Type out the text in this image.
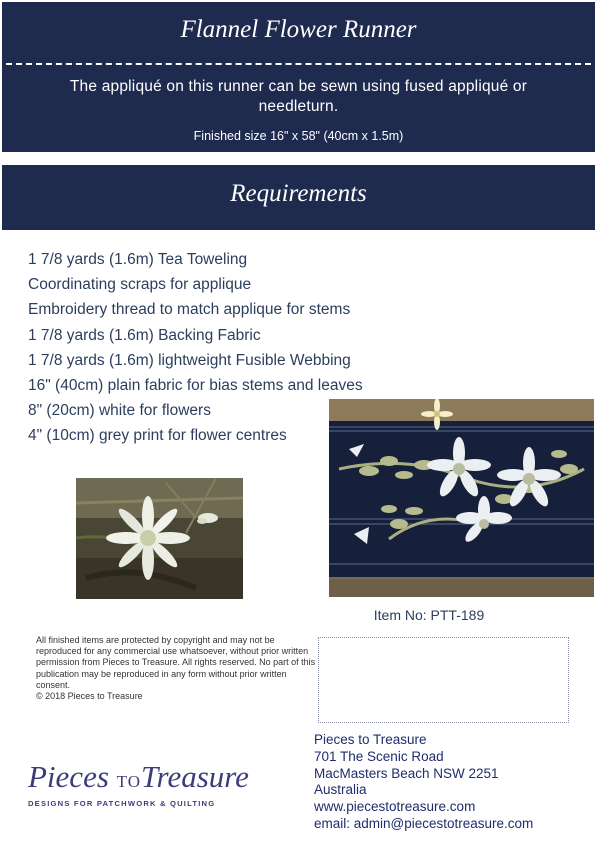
Flannel Flower Runner
The appliqué on this runner can be sewn using fused appliqué or needleturn.
Finished size 16" x 58" (40cm x 1.5m)
Requirements
1 7/8 yards (1.6m) Tea Toweling
Coordinating scraps for applique
Embroidery thread to match applique for stems
1 7/8 yards (1.6m) Backing Fabric
1 7/8 yards (1.6m) lightweight Fusible Webbing
16" (40cm) plain fabric for bias stems and leaves
8" (20cm) white for flowers
4" (10cm) grey print for flower centres
Item No: PTT-189
All finished items are protected by copyright and may not be reproduced for any commercial use whatsoever, without prior written permission from Pieces to Treasure. All rights reserved. No part of this publication may be reproduced in any form without prior written consent.
© 2018 Pieces to Treasure
Pieces TOTreasure
DESIGNS FOR PATCHWORK & QUILTING
Pieces to Treasure
701 The Scenic Road
MacMasters Beach NSW 2251
Australia
www.piecestotreasure.com
email: admin@piecestotreasure.com
